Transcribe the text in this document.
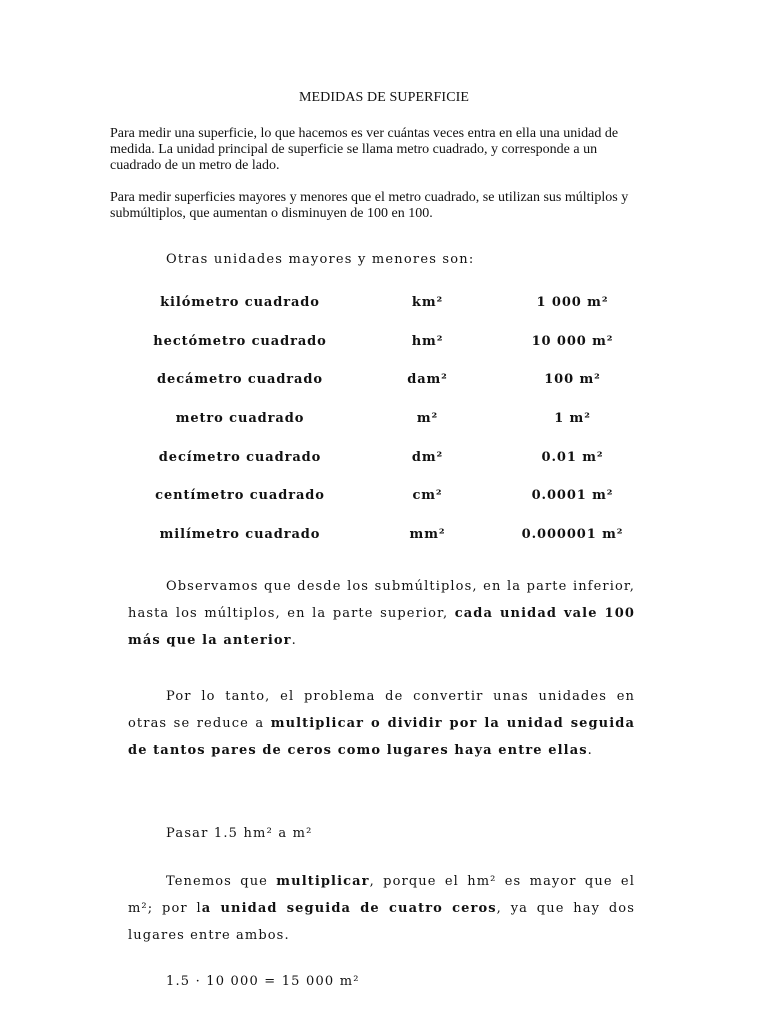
MEDIDAS DE SUPERFICIE

Para medir una superficie, lo que hacemos es ver cuántas veces entra en ella una unidad de medida. La unidad principal de superficie se llama metro cuadrado, y corresponde a un cuadrado de un metro de lado.

Para medir superficies mayores y menores que el metro cuadrado, se utilizan sus múltiplos y submúltiplos, que aumentan o disminuyen de 100 en 100.

Otras unidades mayores y menores son:
kilómetro cuadrado	km²	1 000 m²
hectómetro cuadrado	hm²	10 000 m²
decámetro cuadrado	dam²	100 m²
metro cuadrado	m²	1 m²
decímetro cuadrado	dm²	0.01 m²
centímetro cuadrado	cm²	0.0001 m²
milímetro cuadrado	mm²	0.000001 m²

Observamos que desde los submúltiplos, en la parte inferior, hasta los múltiplos, en la parte superior, cada unidad vale 100 más que la anterior.

Por lo tanto, el problema de convertir unas unidades en otras se reduce a multiplicar o dividir por la unidad seguida de tantos pares de ceros como lugares haya entre ellas.

Pasar 1.5 hm² a m²

Tenemos que multiplicar, porque el hm² es mayor que el m²; por la unidad seguida de cuatro ceros, ya que hay dos lugares entre ambos.

1.5 · 10 000 = 15 000 m²
